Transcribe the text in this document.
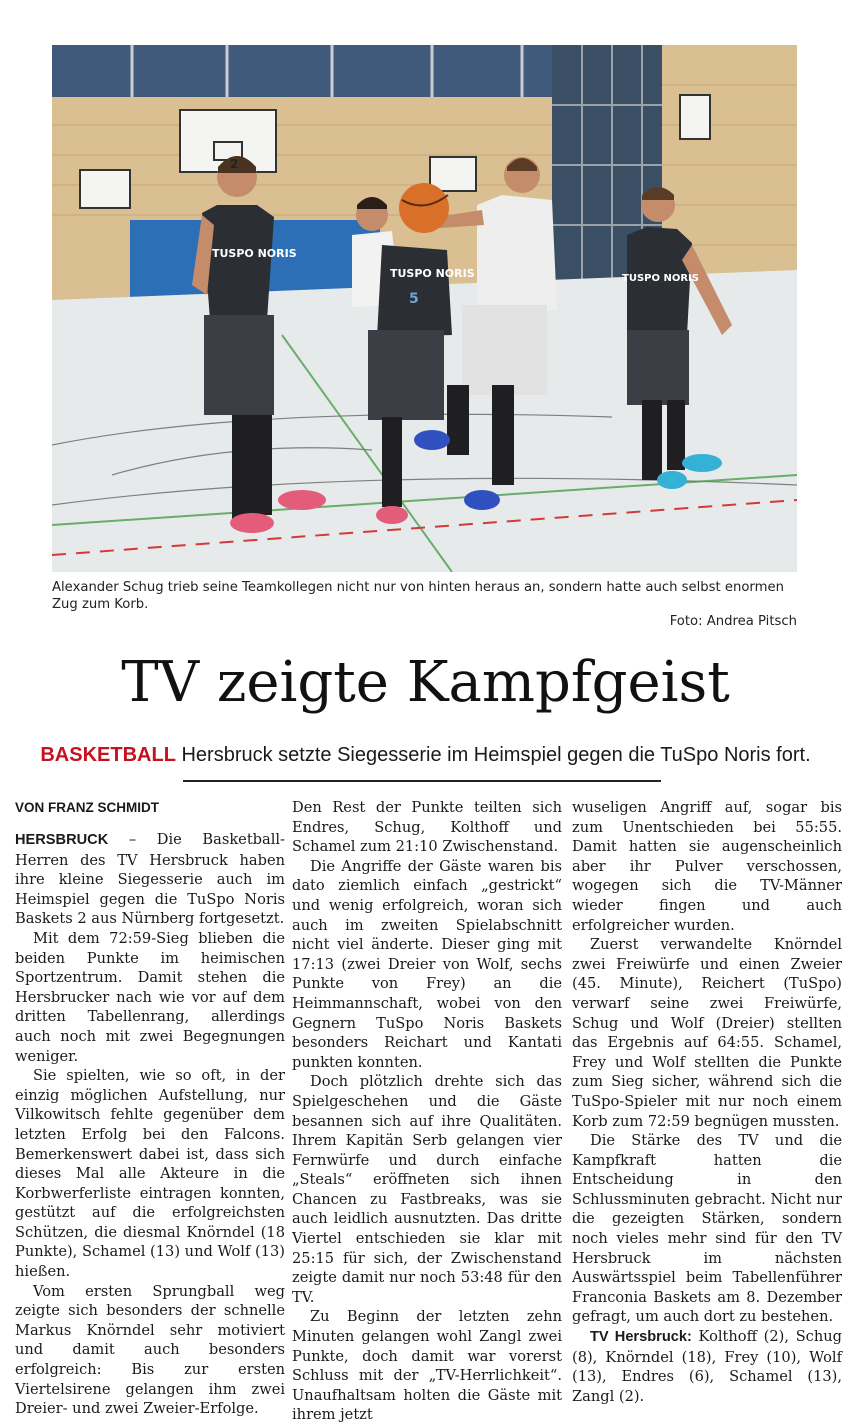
TUSPO NORIS
TUSPO NORIS	TUSPO NORIS
5
2
Alexander Schug trieb seine Teamkollegen nicht nur von hinten heraus an, sondern hatte auch selbst enormen Zug zum Korb.
Foto: Andrea Pitsch
TV zeigte Kampfgeist
BASKETBALL Hersbruck setzte Siegesserie im Heimspiel gegen die TuSpo Noris fort.
VON FRANZ SCHMIDT

HERSBRUCK – Die Basketball-Herren des TV Hersbruck haben ihre kleine Siegesserie auch im Heimspiel gegen die TuSpo Noris Baskets 2 aus Nürnberg fortgesetzt.

Mit dem 72:59-Sieg blieben die beiden Punkte im heimischen Sportzentrum. Damit stehen die Hersbrucker nach wie vor auf dem dritten Tabellenrang, allerdings auch noch mit zwei Begegnungen weniger.

Sie spielten, wie so oft, in der einzig möglichen Aufstellung, nur Vilkowitsch fehlte gegenüber dem letzten Erfolg bei den Falcons. Bemerkenswert dabei ist, dass sich dieses Mal alle Akteure in die Korbwerferliste eintragen konnten, gestützt auf die erfolgreichsten Schützen, die diesmal Knörndel (18 Punkte), Schamel (13) und Wolf (13) hießen.

Vom ersten Sprungball weg zeigte sich besonders der schnelle Markus Knörndel sehr motiviert und damit auch besonders erfolgreich: Bis zur ersten Viertelsirene gelangen ihm zwei Dreier- und zwei Zweier-Erfolge.

Den Rest der Punkte teilten sich Endres, Schug, Kolthoff und Schamel zum 21:10 Zwischenstand.

Die Angriffe der Gäste waren bis dato ziemlich einfach „gestrickt“ und wenig erfolgreich, woran sich auch im zweiten Spielabschnitt nicht viel änderte. Dieser ging mit 17:13 (zwei Dreier von Wolf, sechs Punkte von Frey) an die Heimmannschaft, wobei von den Gegnern TuSpo Noris Baskets besonders Reichart und Kantati punkten konnten.

Doch plötzlich drehte sich das Spielgeschehen und die Gäste besannen sich auf ihre Qualitäten. Ihrem Kapitän Serb gelangen vier Fernwürfe und durch einfache „Steals“ eröffneten sich ihnen Chancen zu Fastbreaks, was sie auch leidlich ausnutzten. Das dritte Viertel entschieden sie klar mit 25:15 für sich, der Zwischenstand zeigte damit nur noch 53:48 für den TV.

Zu Beginn der letzten zehn Minuten gelangen wohl Zangl zwei Punkte, doch damit war vorerst Schluss mit der „TV-Herrlichkeit“. Unaufhaltsam holten die Gäste mit ihrem jetzt

wuseligen Angriff auf, sogar bis zum Unentschieden bei 55:55. Damit hatten sie augenscheinlich aber ihr Pulver verschossen, wogegen sich die TV-Männer wieder fingen und auch erfolgreicher wurden.

Zuerst verwandelte Knörndel zwei Freiwürfe und einen Zweier (45. Minute), Reichert (TuSpo) verwarf seine zwei Freiwürfe, Schug und Wolf (Dreier) stellten das Ergebnis auf 64:55. Schamel, Frey und Wolf stellten die Punkte zum Sieg sicher, während sich die TuSpo-Spieler mit nur noch einem Korb zum 72:59 begnügen mussten.

Die Stärke des TV und die Kampfkraft hatten die Entscheidung in den Schlussminuten gebracht. Nicht nur die gezeigten Stärken, sondern noch vieles mehr sind für den TV Hersbruck im nächsten Auswärtsspiel beim Tabellenführer Franconia Baskets am 8. Dezember gefragt, um auch dort zu bestehen.

TV Hersbruck: Kolthoff (2), Schug (8), Knörndel (18), Frey (10), Wolf (13), Endres (6), Schamel (13), Zangl (2).
